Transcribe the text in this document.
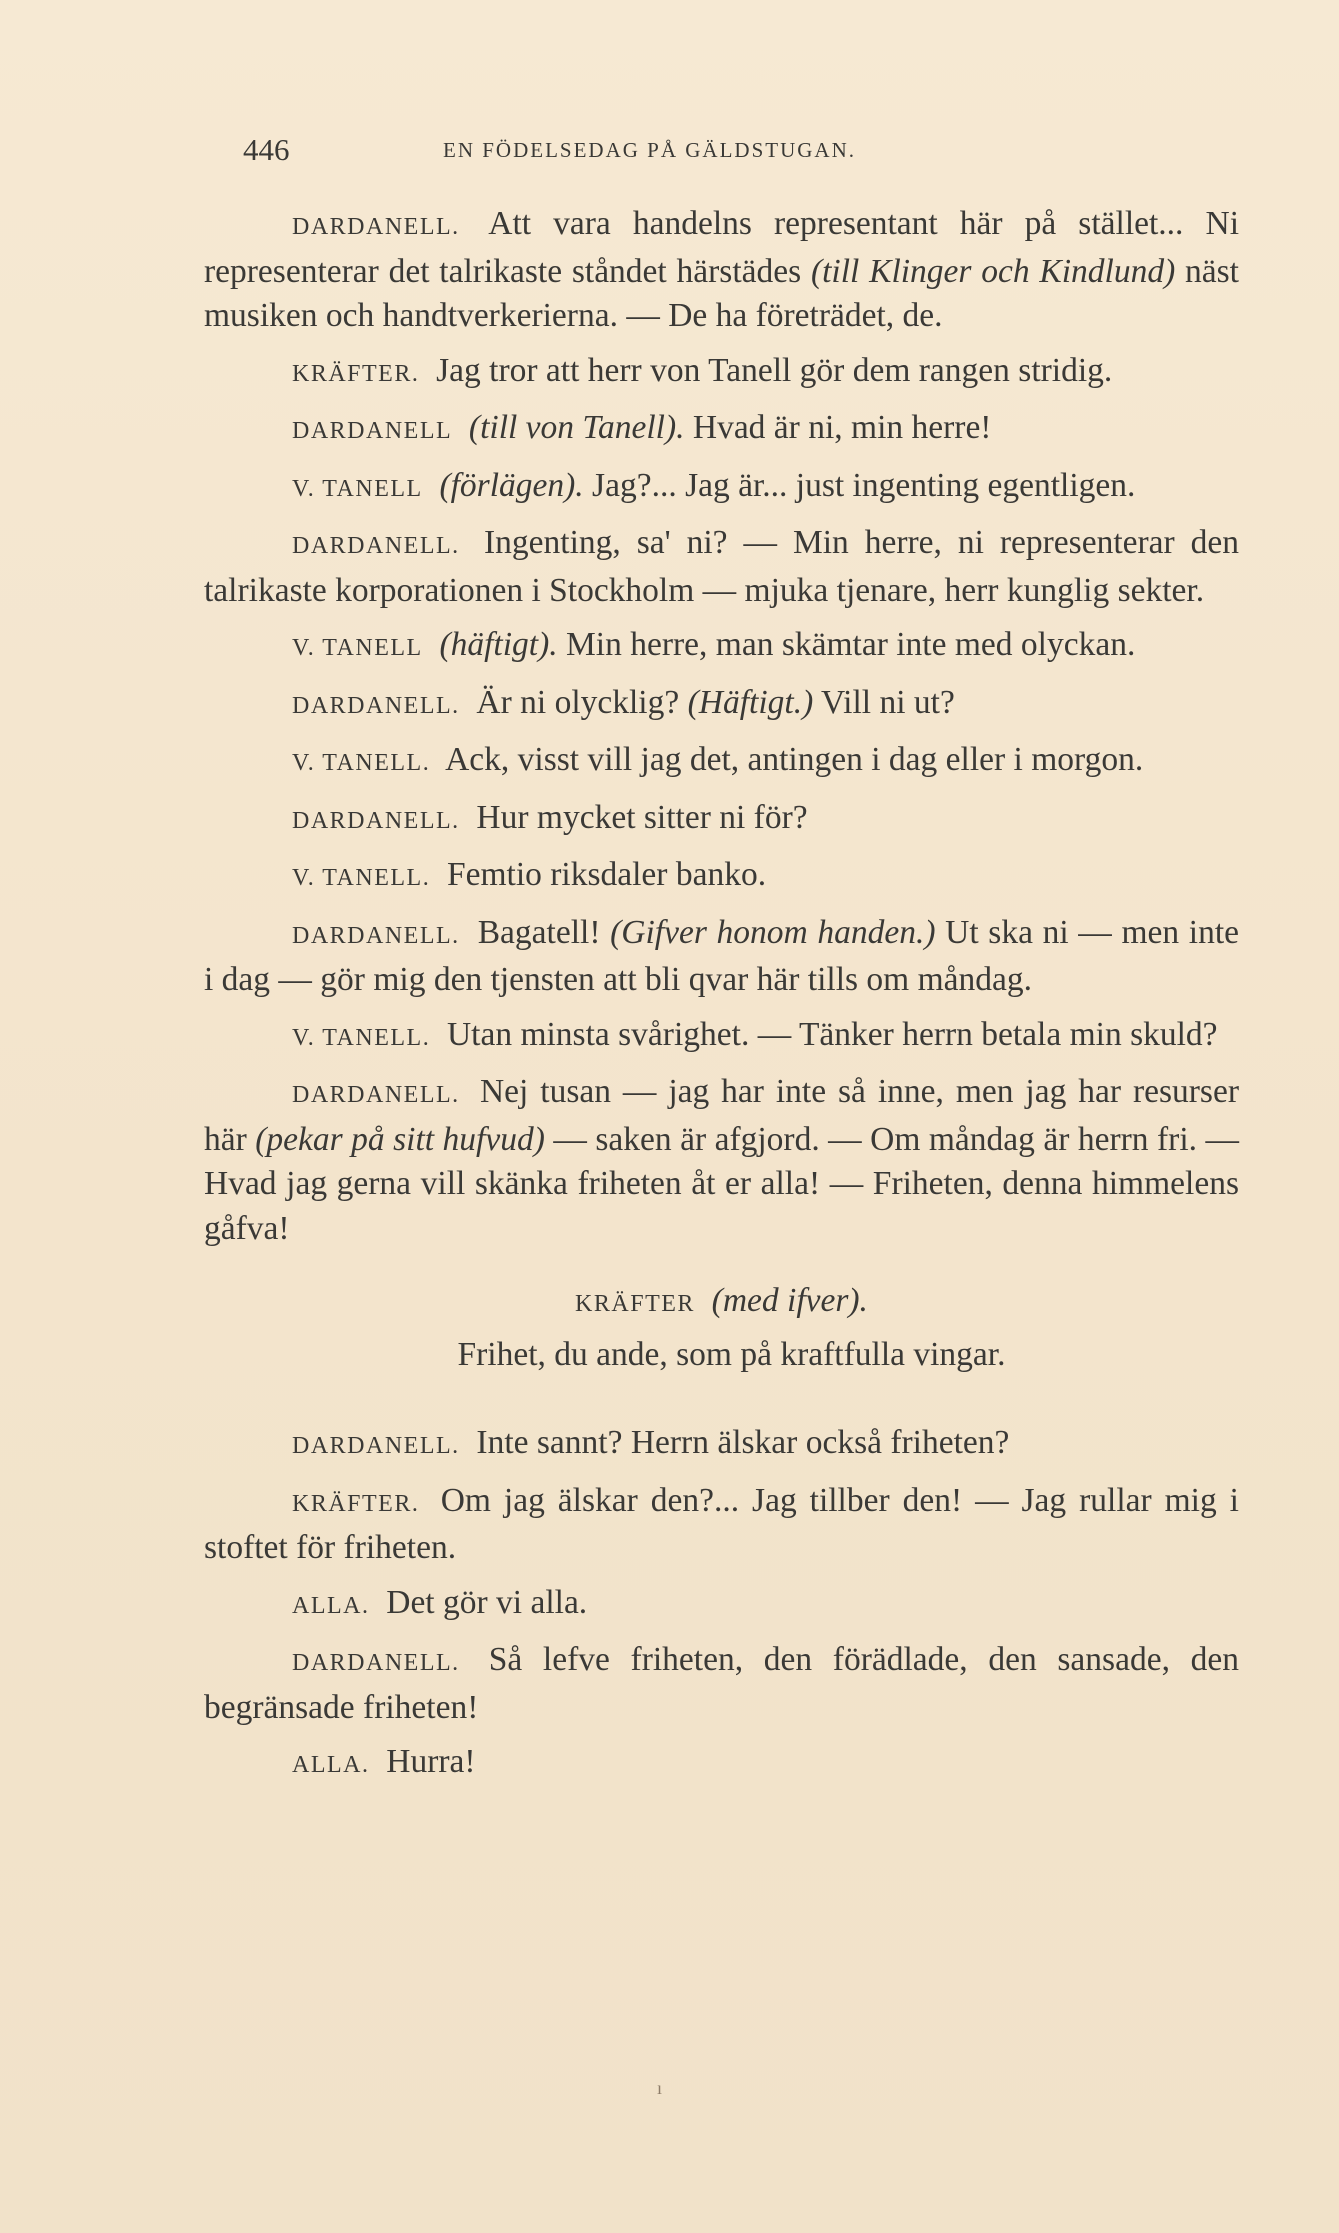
446	EN FÖDELSEDAG PÅ GÄLDSTUGAN.

DARDANELL. Att vara handelns representant här på stället... Ni representerar det talrikaste ståndet härstädes (till Klinger och Kindlund) näst musiken och handtverkerierna. — De ha företrädet, de.

KRÄFTER. Jag tror att herr von Tanell gör dem rangen stridig.

DARDANELL (till von Tanell). Hvad är ni, min herre!

V. TANELL (förlägen). Jag?... Jag är... just ingenting egentligen.

DARDANELL. Ingenting, sa' ni? — Min herre, ni representerar den talrikaste korporationen i Stockholm — mjuka tjenare, herr kunglig sekter.

V. TANELL (häftigt). Min herre, man skämtar inte med olyckan.

DARDANELL. Är ni olycklig? (Häftigt.) Vill ni ut?

V. TANELL. Ack, visst vill jag det, antingen i dag eller i morgon.

DARDANELL. Hur mycket sitter ni för?

V. TANELL. Femtio riksdaler banko.

DARDANELL. Bagatell! (Gifver honom handen.) Ut ska ni — men inte i dag — gör mig den tjensten att bli qvar här tills om måndag.

V. TANELL. Utan minsta svårighet. — Tänker herrn betala min skuld?

DARDANELL. Nej tusan — jag har inte så inne, men jag har resurser här (pekar på sitt hufvud) — saken är afgjord. — Om måndag är herrn fri. — Hvad jag gerna vill skänka friheten åt er alla! — Friheten, denna himmelens gåfva!

KRÄFTER (med ifver).
Frihet, du ande, som på kraftfulla vingar.

DARDANELL. Inte sannt? Herrn älskar också friheten?

KRÄFTER. Om jag älskar den?... Jag tillber den! — Jag rullar mig i stoftet för friheten.

ALLA. Det gör vi alla.

DARDANELL. Så lefve friheten, den förädlade, den sansade, den begränsade friheten!

ALLA. Hurra!

ı
